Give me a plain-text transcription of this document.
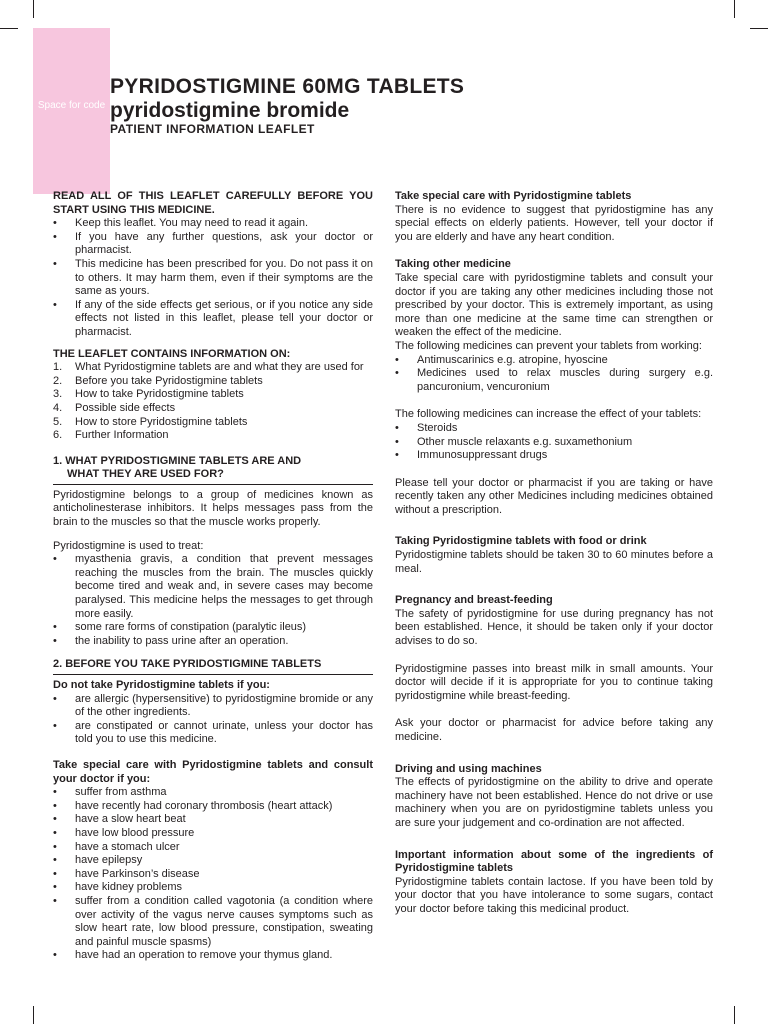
Space for code
PYRIDOSTIGMINE 60MG TABLETS
pyridostigmine bromide
PATIENT INFORMATION LEAFLET

READ ALL OF THIS LEAFLET CAREFULLY BEFORE YOU START USING THIS MEDICINE.

• Keep this leaflet. You may need to read it again.
• If you have any further questions, ask your doctor or pharmacist.
• This medicine has been prescribed for you. Do not pass it on to others. It may harm them, even if their symptoms are the same as yours.
• If any of the side effects get serious, or if you notice any side effects not listed in this leaflet, please tell your doctor or pharmacist.

THE LEAFLET CONTAINS INFORMATION ON:

1. What Pyridostigmine tablets are and what they are used for
2. Before you take Pyridostigmine tablets
3. How to take Pyridostigmine tablets
4. Possible side effects
5. How to store Pyridostigmine tablets
6. Further Information

1. WHAT PYRIDOSTIGMINE TABLETS ARE AND

WHAT THEY ARE USED FOR?

Pyridostigmine belongs to a group of medicines known as anticholinesterase inhibitors. It helps messages pass from the brain to the muscles so that the muscle works properly.

Pyridostigmine is used to treat:

• myasthenia gravis, a condition that prevent messages reaching the muscles from the brain. The muscles quickly become tired and weak and, in severe cases may become paralysed. This medicine helps the messages to get through more easily.
• some rare forms of constipation (paralytic ileus)
• the inability to pass urine after an operation.

2. BEFORE YOU TAKE PYRIDOSTIGMINE TABLETS

Do not take Pyridostigmine tablets if you:

• are allergic (hypersensitive) to pyridostigmine bromide or any of the other ingredients.
• are constipated or cannot urinate, unless your doctor has told you to use this medicine.

Take special care with Pyridostigmine tablets and consult your doctor if you:

• suffer from asthma
• have recently had coronary thrombosis (heart attack)
• have a slow heart beat
• have low blood pressure
• have a stomach ulcer
• have epilepsy
• have Parkinson’s disease
• have kidney problems
• suffer from a condition called vagotonia (a condition where over activity of the vagus nerve causes symptoms such as slow heart rate, low blood pressure, constipation, sweating and painful muscle spasms)
• have had an operation to remove your thymus gland.

Take special care with Pyridostigmine tablets

There is no evidence to suggest that pyridostigmine has any special effects on elderly patients. However, tell your doctor if you are elderly and have any heart condition.

Taking other medicine

Take special care with pyridostigmine tablets and consult your doctor if you are taking any other medicines including those not prescribed by your doctor. This is extremely important, as using more than one medicine at the same time can strengthen or weaken the effect of the medicine.

The following medicines can prevent your tablets from working:

• Antimuscarinics e.g. atropine, hyoscine
• Medicines used to relax muscles during surgery e.g. pancuronium, vencuronium

The following medicines can increase the effect of your tablets:

• Steroids
• Other muscle relaxants e.g. suxamethonium
• Immunosuppressant drugs

Please tell your doctor or pharmacist if you are taking or have recently taken any other Medicines including medicines obtained without a prescription.

Taking Pyridostigmine tablets with food or drink

Pyridostigmine tablets should be taken 30 to 60 minutes before a meal.

Pregnancy and breast-feeding

The safety of pyridostigmine for use during pregnancy has not been established. Hence, it should be taken only if your doctor advises to do so.

Pyridostigmine passes into breast milk in small amounts. Your doctor will decide if it is appropriate for you to continue taking pyridostigmine while breast-feeding.

Ask your doctor or pharmacist for advice before taking any medicine.

Driving and using machines

The effects of pyridostigmine on the ability to drive and operate machinery have not been established. Hence do not drive or use machinery when you are on pyridostigmine tablets unless you are sure your judgement and co-ordination are not affected.

Important information about some of the ingredients of Pyridostigmine tablets

Pyridostigmine tablets contain lactose. If you have been told by your doctor that you have intolerance to some sugars, contact your doctor before taking this medicinal product.
